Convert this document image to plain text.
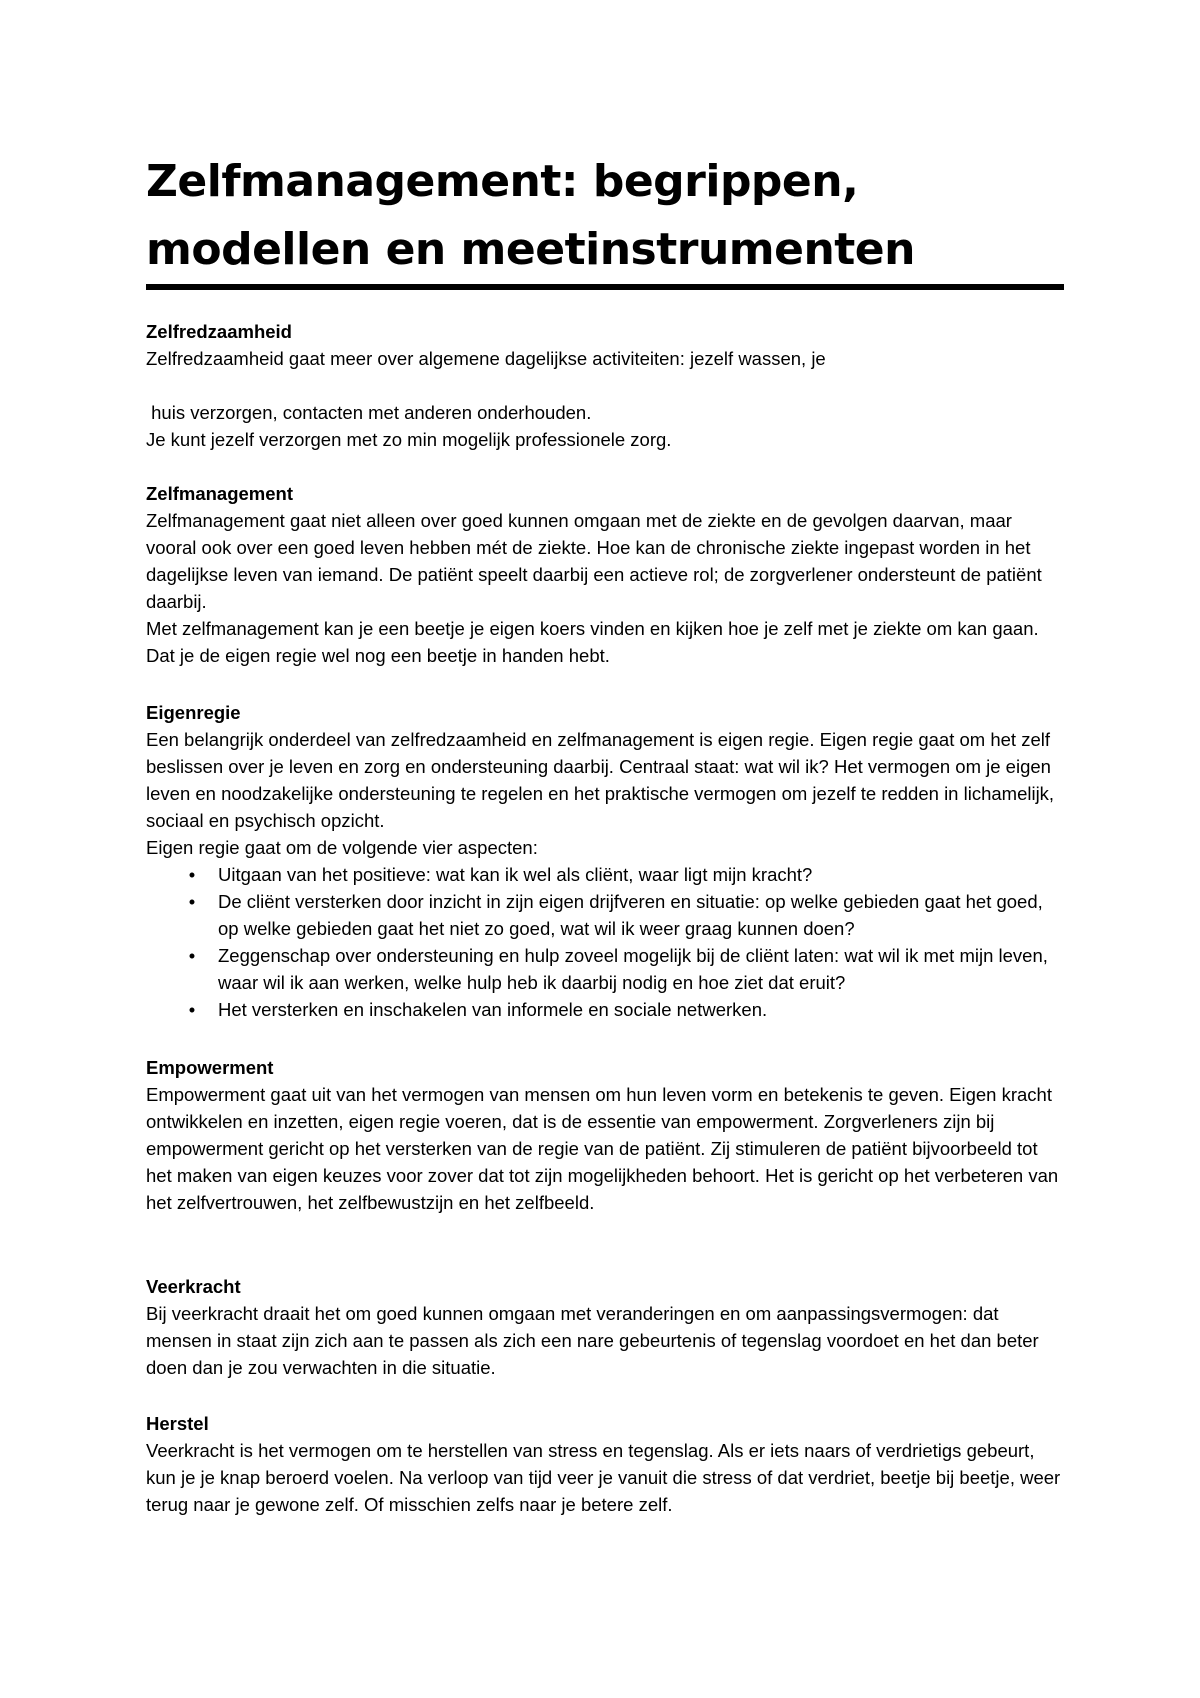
Zelfmanagement: begrippen, modellen en meetinstrumenten

Zelfredzaamheid

Zelfredzaamheid gaat meer over algemene dagelijkse activiteiten: jezelf wassen, je

huis verzorgen, contacten met anderen onderhouden.

Je kunt jezelf verzorgen met zo min mogelijk professionele zorg.

Zelfmanagement

Zelfmanagement gaat niet alleen over goed kunnen omgaan met de ziekte en de gevolgen daarvan, maar vooral ook over een goed leven hebben mét de ziekte. Hoe kan de chronische ziekte ingepast worden in het dagelijkse leven van iemand. De patiënt speelt daarbij een actieve rol; de zorgverlener ondersteunt de patiënt daarbij.

Met zelfmanagement kan je een beetje je eigen koers vinden en kijken hoe je zelf met je ziekte om kan gaan. Dat je de eigen regie wel nog een beetje in handen hebt.

Eigenregie

Een belangrijk onderdeel van zelfredzaamheid en zelfmanagement is eigen regie. Eigen regie gaat om het zelf beslissen over je leven en zorg en ondersteuning daarbij. Centraal staat: wat wil ik? Het vermogen om je eigen leven en noodzakelijke ondersteuning te regelen en het praktische vermogen om jezelf te redden in lichamelijk, sociaal en psychisch opzicht.

Eigen regie gaat om de volgende vier aspecten:

• Uitgaan van het positieve: wat kan ik wel als cliënt, waar ligt mijn kracht?
• De cliënt versterken door inzicht in zijn eigen drijfveren en situatie: op welke gebieden gaat het goed, op welke gebieden gaat het niet zo goed, wat wil ik weer graag kunnen doen?
• Zeggenschap over ondersteuning en hulp zoveel mogelijk bij de cliënt laten: wat wil ik met mijn leven, waar wil ik aan werken, welke hulp heb ik daarbij nodig en hoe ziet dat eruit?
• Het versterken en inschakelen van informele en sociale netwerken.

Empowerment

Empowerment gaat uit van het vermogen van mensen om hun leven vorm en betekenis te geven. Eigen kracht ontwikkelen en inzetten, eigen regie voeren, dat is de essentie van empowerment. Zorgverleners zijn bij empowerment gericht op het versterken van de regie van de patiënt. Zij stimuleren de patiënt bijvoorbeeld tot het maken van eigen keuzes voor zover dat tot zijn mogelijkheden behoort. Het is gericht op het verbeteren van het zelfvertrouwen, het zelfbewustzijn en het zelfbeeld.

Veerkracht

Bij veerkracht draait het om goed kunnen omgaan met veranderingen en om aanpassingsvermogen: dat mensen in staat zijn zich aan te passen als zich een nare gebeurtenis of tegenslag voordoet en het dan beter doen dan je zou verwachten in die situatie.

Herstel

Veerkracht is het vermogen om te herstellen van stress en tegenslag. Als er iets naars of verdrietigs gebeurt, kun je je knap beroerd voelen. Na verloop van tijd veer je vanuit die stress of dat verdriet, beetje bij beetje, weer terug naar je gewone zelf. Of misschien zelfs naar je betere zelf.
